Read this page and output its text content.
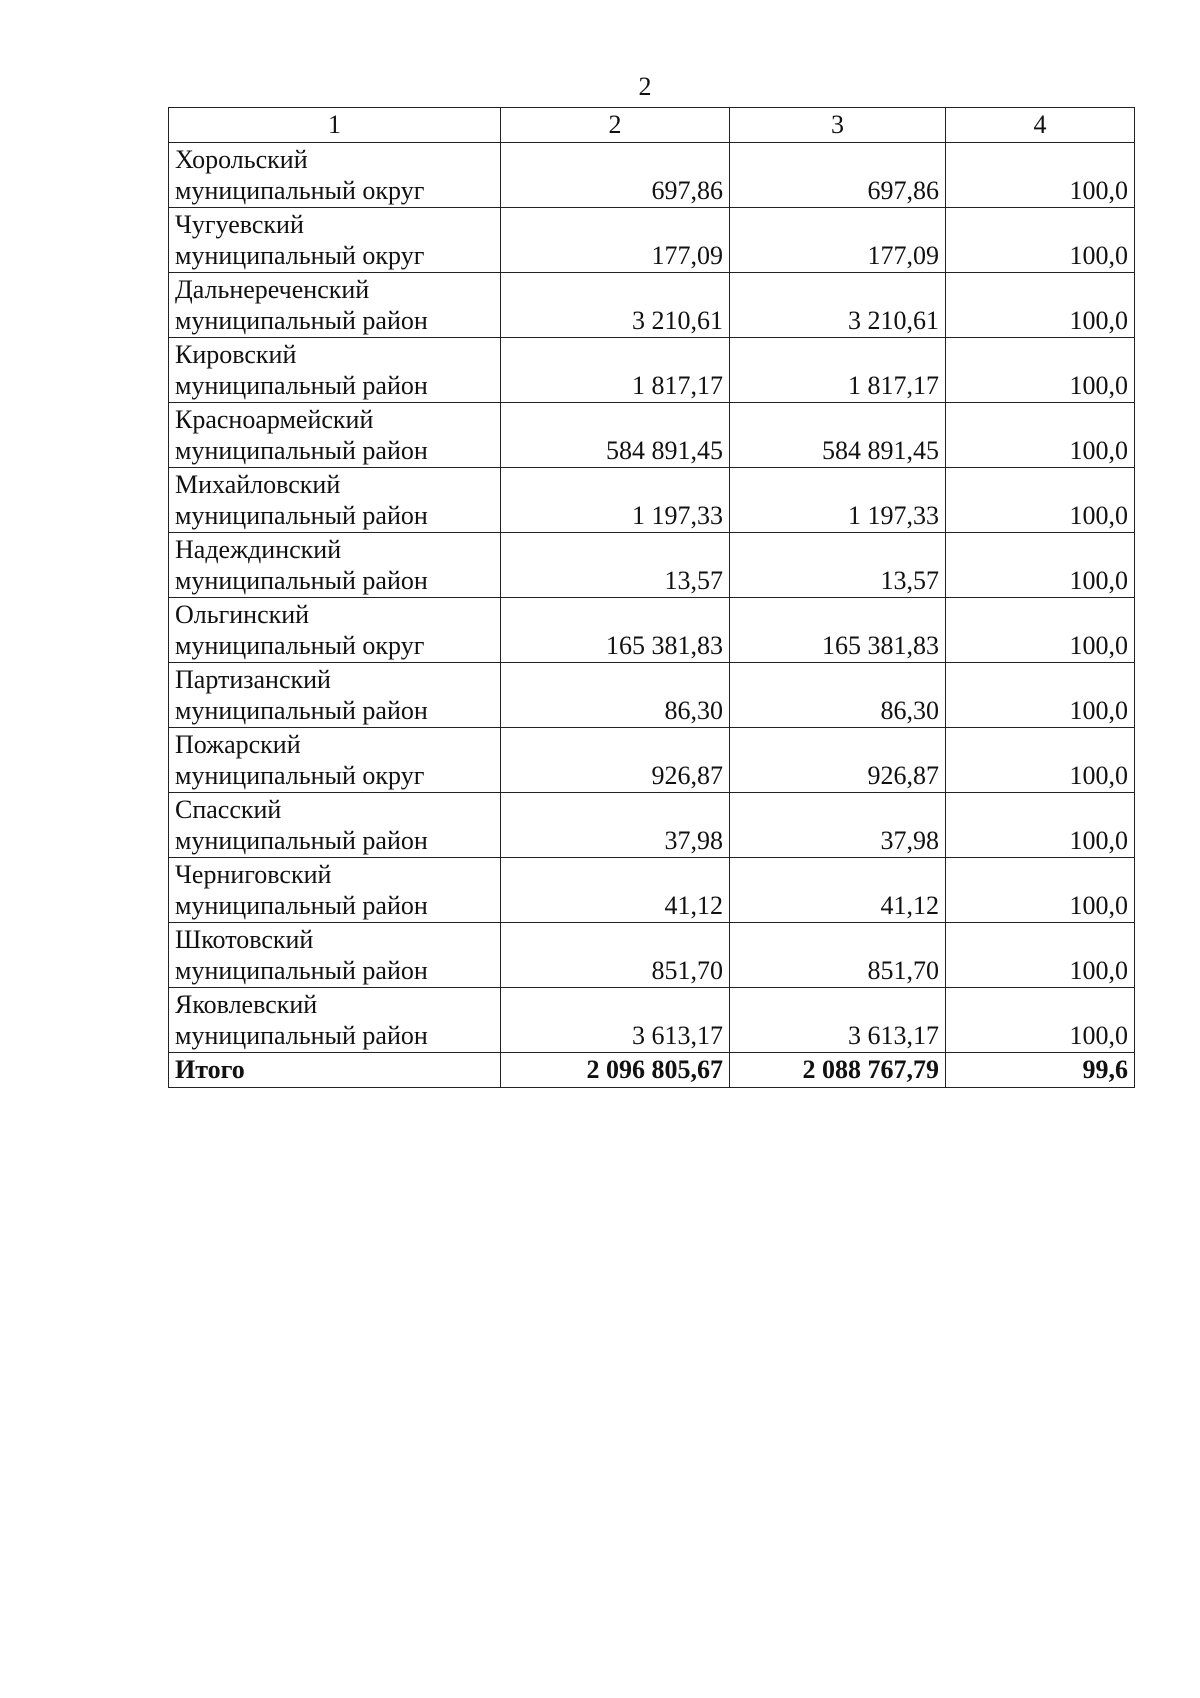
2
1	2	3	4

Хорольский
муниципальный округ	697,86	697,86	100,0

Чугуевский
муниципальный округ	177,09	177,09	100,0

Дальнереченский
муниципальный район	3 210,61	3 210,61	100,0

Кировский
муниципальный район	1 817,17	1 817,17	100,0

Красноармейский
муниципальный район	584 891,45	584 891,45	100,0

Михайловский
муниципальный район	1 197,33	1 197,33	100,0

Надеждинский
муниципальный район	13,57	13,57	100,0

Ольгинский
муниципальный округ	165 381,83	165 381,83	100,0

Партизанский
муниципальный район	86,30	86,30	100,0

Пожарский
муниципальный округ	926,87	926,87	100,0

Спасский
муниципальный район	37,98	37,98	100,0

Черниговский
муниципальный район	41,12	41,12	100,0

Шкотовский
муниципальный район	851,70	851,70	100,0

Яковлевский
муниципальный район	3 613,17	3 613,17	100,0
Итого	2 096 805,67	2 088 767,79	99,6
